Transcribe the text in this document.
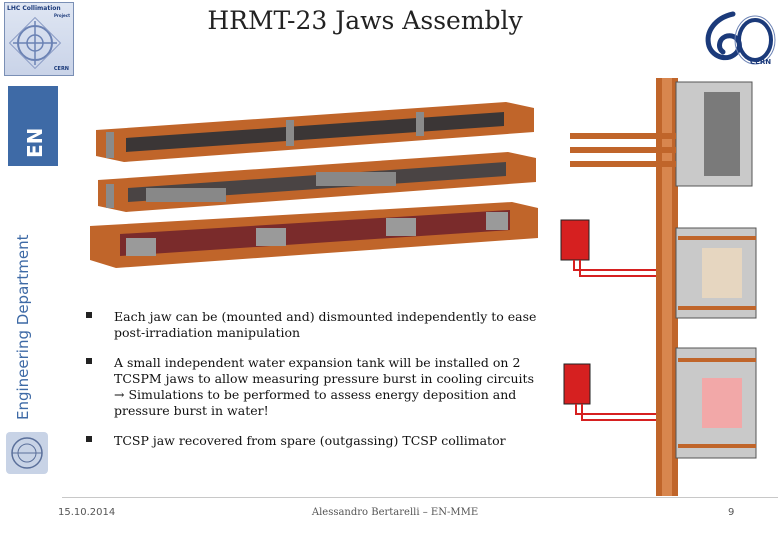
LHC Collimation
Project
CERN
CERN
EN
Engineering Department
HRMT-23 Jaws Assembly
Each jaw can be (mounted and) dismounted independently to ease post-irradiation manipulation
A small independent water expansion tank will be installed on 2 TCSPM jaws to allow measuring pressure burst in cooling circuits → Simulations to be performed to assess energy deposition and pressure burst in water!
TCSP jaw recovered from spare (outgassing) TCSP collimator
15.10.2014	Alessandro Bertarelli – EN-MME	9
